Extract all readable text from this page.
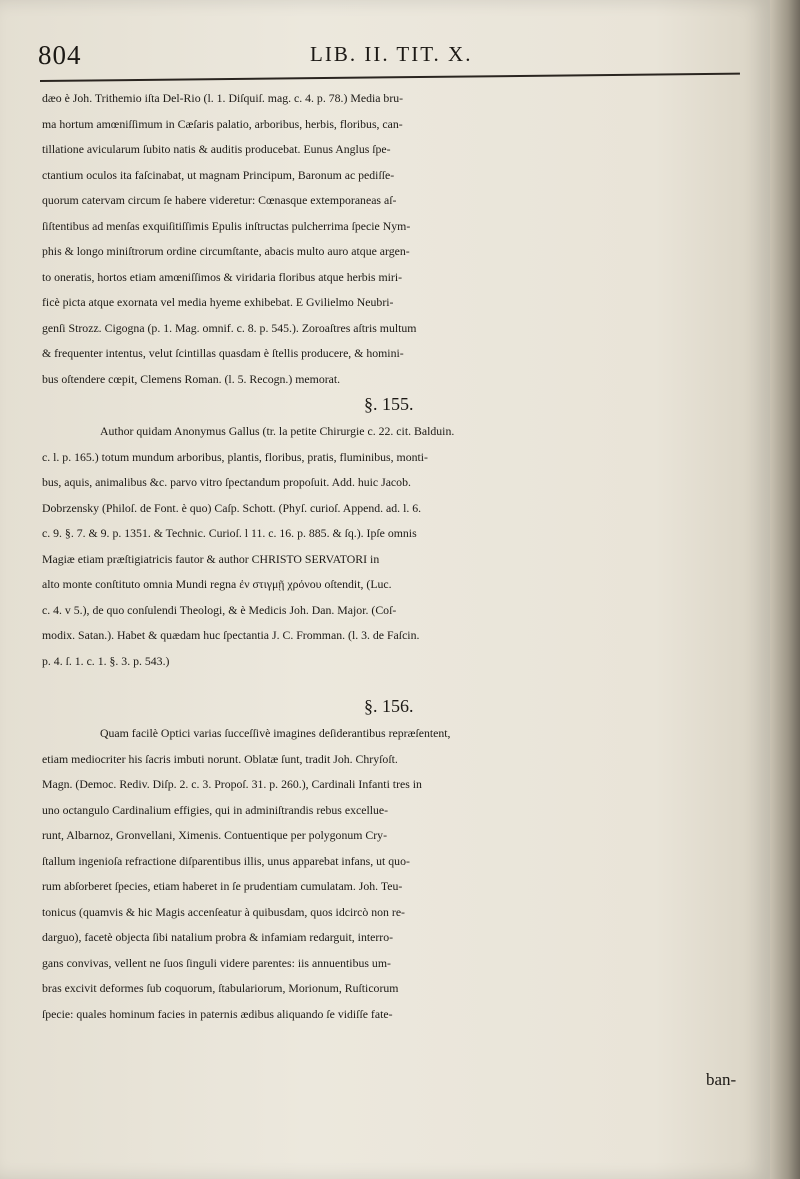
804	LIB. II. TIT. X.
dæo è Joh. Trithemio iſta Del-Rio (l. 1. Diſquiſ. mag. c. 4. p. 78.) Media bru-
ma hortum amœniſſimum in Cæſaris palatio, arboribus, herbis, floribus, can-
tillatione avicularum ſubito natis & auditis producebat. Eunus Anglus ſpe-
ctantium oculos ita faſcinabat, ut magnam Principum, Baronum ac pediſſe-
quorum catervam circum ſe habere videretur: Cœnasque extemporaneas aſ-
ſiſtentibus ad menſas exquiſitiſſimis Epulis inſtructas pulcherrima ſpecie Nym-
phis & longo miniſtrorum ordine circumſtante, abacis multo auro atque argen-
to oneratis, hortos etiam amœniſſimos & viridaria floribus atque herbis miri-
ficè picta atque exornata vel media hyeme exhibebat. E Gvilielmo Neubri-
genſi Strozz. Cigogna (p. 1. Mag. omnif. c. 8. p. 545.). Zoroaſtres aſtris multum
& frequenter intentus, velut ſcintillas quasdam è ſtellis producere, & homini-
bus oſtendere cœpit, Clemens Roman. (l. 5. Recogn.) memorat.
§. 155.
Author quidam Anonymus Gallus (tr. la petite Chirurgie c. 22. cit. Balduin.
c. l. p. 165.) totum mundum arboribus, plantis, floribus, pratis, fluminibus, monti-
bus, aquis, animalibus &c. parvo vitro ſpectandum propoſuit. Add. huic Jacob.
Dobrzensky (Philoſ. de Font. è quo) Caſp. Schott. (Phyſ. curioſ. Append. ad. l. 6.
c. 9. §. 7. & 9. p. 1351. & Technic. Curioſ. l 11. c. 16. p. 885. & ſq.). Ipſe omnis
Magiæ etiam præſtigiatricis fautor & author CHRISTO SERVATORI in
alto monte conſtituto omnia Mundi regna ἐν στιγμῇ χρόνου oſtendit, (Luc.
c. 4. v 5.), de quo conſulendi Theologi, & è Medicis Joh. Dan. Major. (Coſ-
modix. Satan.). Habet & quædam huc ſpectantia J. C. Fromman. (l. 3. de Faſcin.
p. 4. ſ. 1. c. 1. §. 3. p. 543.)
§. 156.
Quam facilè Optici varias ſucceſſivè imagines deſiderantibus repræſentent,
etiam mediocriter his ſacris imbuti norunt. Oblatæ ſunt, tradit Joh. Chryſoſt.
Magn. (Democ. Rediv. Diſp. 2. c. 3. Propoſ. 31. p. 260.), Cardinali Infanti tres in
uno octangulo Cardinalium effigies, qui in adminiſtrandis rebus excellue-
runt, Albarnoz, Gronvellani, Ximenis. Contuentique per polygonum Cry-
ſtallum ingenioſa refractione diſparentibus illis, unus apparebat infans, ut quo-
rum abſorberet ſpecies, etiam haberet in ſe prudentiam cumulatam. Joh. Teu-
tonicus (quamvis & hic Magis accenſeatur à quibusdam, quos idcircò non re-
darguo), facetè objecta ſibi natalium probra & infamiam redarguit, interro-
gans convivas, vellent ne ſuos ſinguli videre parentes: iis annuentibus um-
bras excivit deformes ſub coquorum, ſtabulariorum, Morionum, Ruſticorum
ſpecie: quales hominum facies in paternis ædibus aliquando ſe vidiſſe fate-
ban-
